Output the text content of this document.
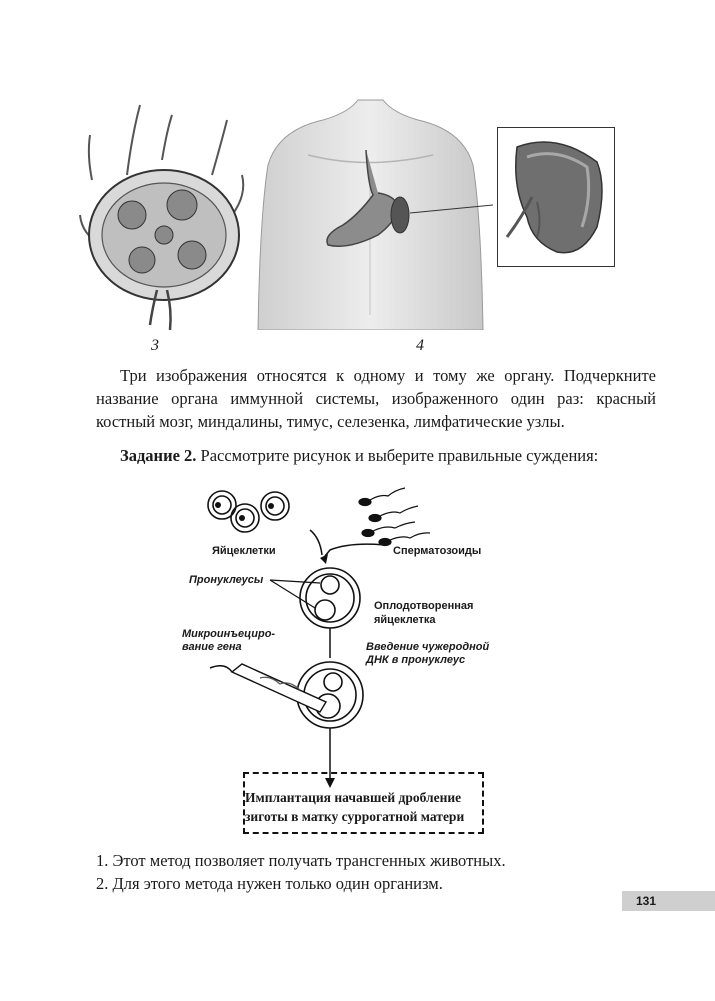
3	4

Три изображения относятся к одному и тому же органу. Подчеркните название органа иммунной системы, изображенного один раз: красный костный мозг, миндалины, тимус, селезенка, лимфатические узлы.

Задание 2. Рассмотрите рисунок и выберите правильные суждения:
Яйцеклетки	Сперматозоиды
Пронуклеусы
Оплодотворенная
яйцеклетка
Микроинъециро-
вание гена	Введение чужеродной
ДНК в пронуклеус
Имплантация начавшей дробление
зиготы в матку суррогатной матери
1. Этот метод позволяет получать трансгенных животных.
2. Для этого метода нужен только один организм.
131
